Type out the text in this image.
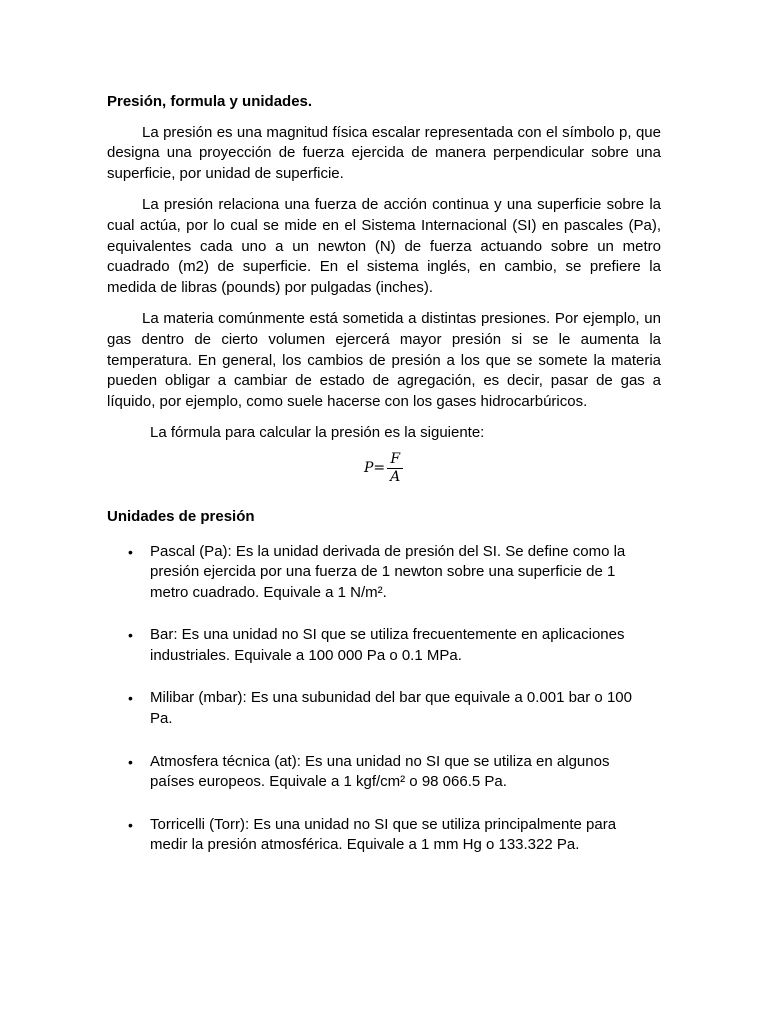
Presión, formula y unidades.

La presión es una magnitud física escalar representada con el símbolo p, que designa una proyección de fuerza ejercida de manera perpendicular sobre una superficie, por unidad de superficie.

La presión relaciona una fuerza de acción continua y una superficie sobre la cual actúa, por lo cual se mide en el Sistema Internacional (SI) en pascales (Pa), equivalentes cada uno a un newton (N) de fuerza actuando sobre un metro cuadrado (m2) de superficie. En el sistema inglés, en cambio, se prefiere la medida de libras (pounds) por pulgadas (inches).

La materia comúnmente está sometida a distintas presiones. Por ejemplo, un gas dentro de cierto volumen ejercerá mayor presión si se le aumenta la temperatura. En general, los cambios de presión a los que se somete la materia pueden obligar a cambiar de estado de agregación, es decir, pasar de gas a líquido, por ejemplo, como suele hacerse con los gases hidrocarbúricos.

La fórmula para calcular la presión es la siguiente:

$P= \frac{F}{A}$

Unidades de presión

• Pascal (Pa): Es la unidad derivada de presión del SI. Se define como la presión ejercida por una fuerza de 1 newton sobre una superficie de 1 metro cuadrado. Equivale a 1 N/m².
• Bar: Es una unidad no SI que se utiliza frecuentemente en aplicaciones industriales. Equivale a 100 000 Pa o 0.1 MPa.
• Milibar (mbar): Es una subunidad del bar que equivale a 0.001 bar o 100 Pa.
• Atmosfera técnica (at): Es una unidad no SI que se utiliza en algunos países europeos. Equivale a 1 kgf/cm² o 98 066.5 Pa.
• Torricelli (Torr): Es una unidad no SI que se utiliza principalmente para medir la presión atmosférica. Equivale a 1 mm Hg o 133.322 Pa.
